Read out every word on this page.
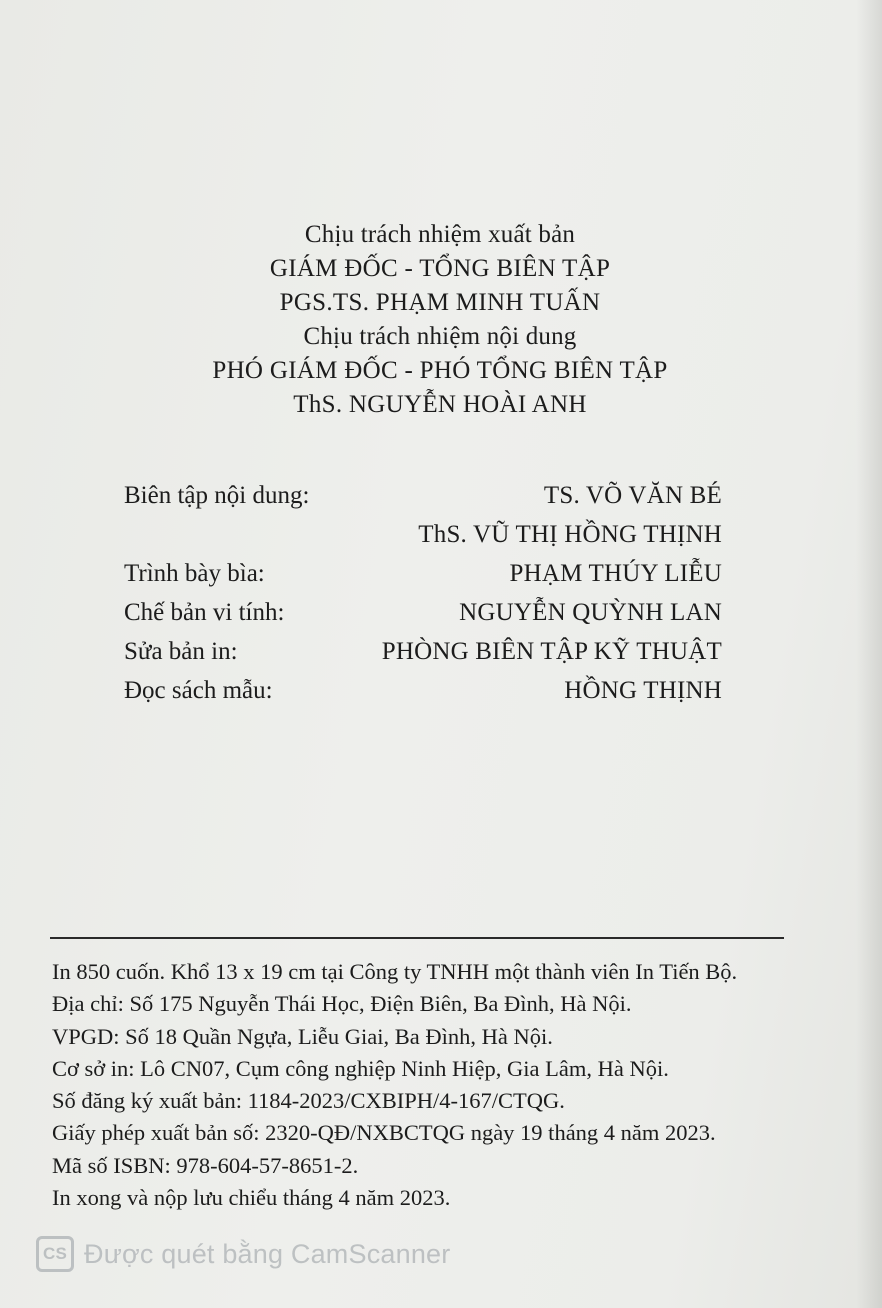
Chịu trách nhiệm xuất bản
GIÁM ĐỐC - TỔNG BIÊN TẬP
PGS.TS. PHẠM MINH TUẤN
Chịu trách nhiệm nội dung
PHÓ GIÁM ĐỐC - PHÓ TỔNG BIÊN TẬP
ThS. NGUYỄN HOÀI ANH
Biên tập nội dung:	TS. VÕ VĂN BÉ
ThS. VŨ THỊ HỒNG THỊNH
Trình bày bìa:	PHẠM THÚY LIỄU
Chế bản vi tính:	NGUYỄN QUỲNH LAN
Sửa bản in:	PHÒNG BIÊN TẬP KỸ THUẬT
Đọc sách mẫu:	HỒNG THỊNH
In 850 cuốn. Khổ 13 x 19 cm tại Công ty TNHH một thành viên In Tiến Bộ.
Địa chỉ: Số 175 Nguyễn Thái Học, Điện Biên, Ba Đình, Hà Nội.
VPGD: Số 18 Quần Ngựa, Liễu Giai, Ba Đình, Hà Nội.
Cơ sở in: Lô CN07, Cụm công nghiệp Ninh Hiệp, Gia Lâm, Hà Nội.
Số đăng ký xuất bản: 1184-2023/CXBIPH/4-167/CTQG.
Giấy phép xuất bản số: 2320-QĐ/NXBCTQG ngày 19 tháng 4 năm 2023.
Mã số ISBN: 978-604-57-8651-2.
In xong và nộp lưu chiểu tháng 4 năm 2023.
CS Được quét bằng CamScanner
